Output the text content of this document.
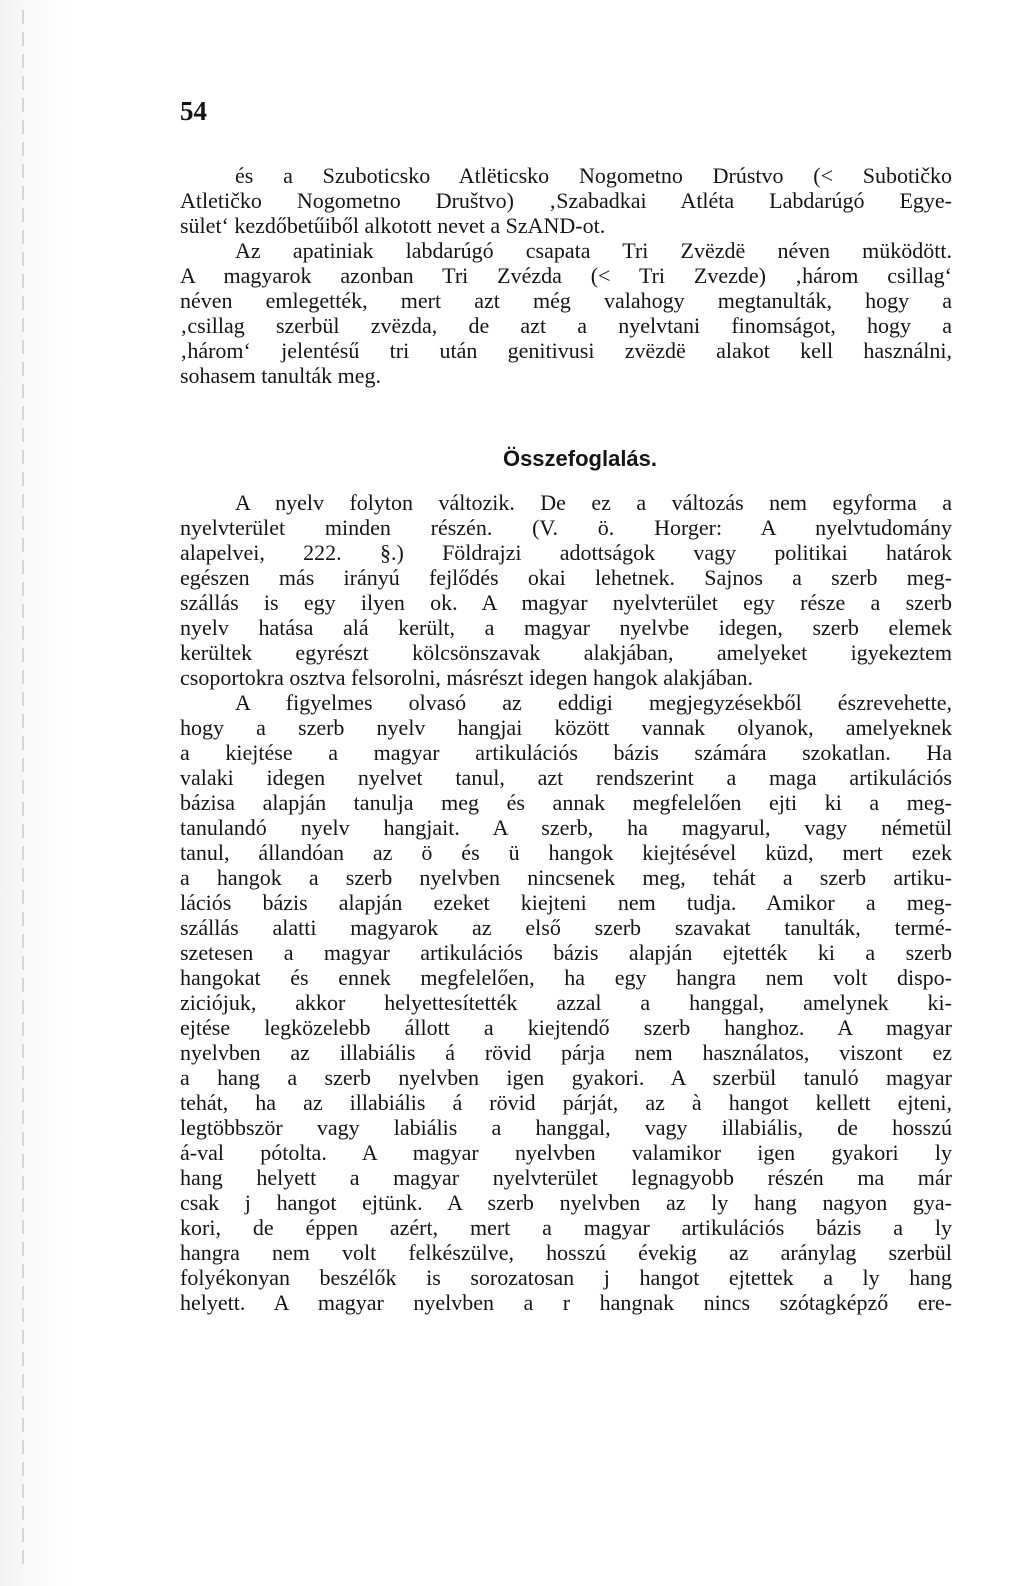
54
és a Szuboticsko Atlëticsko Nogometno Drústvo (< Subotičko
Atletičko Nogometno Društvo) ‚Szabadkai Atléta Labdarúgó Egye-
sület‘ kezdőbetűiből alkotott nevet a SzAND-ot.
Az apatiniak labdarúgó csapata Tri Zvëzdë néven müködött.
A magyarok azonban Tri Zvézda (< Tri Zvezde) ‚három csillag‘
néven emlegették, mert azt még valahogy megtanulták, hogy a
‚csillag szerbül zvëzda, de azt a nyelvtani finomságot, hogy a
‚három‘ jelentésű tri után genitivusi zvëzdë alakot kell használni,
sohasem tanulták meg.
Összefoglalás.
A nyelv folyton változik. De ez a változás nem egyforma a
nyelvterület minden részén. (V. ö. Horger: A nyelvtudomány
alapelvei, 222. §.) Földrajzi adottságok vagy politikai határok
egészen más irányú fejlődés okai lehetnek. Sajnos a szerb meg-
szállás is egy ilyen ok. A magyar nyelvterület egy része a szerb
nyelv hatása alá került, a magyar nyelvbe idegen, szerb elemek
kerültek egyrészt kölcsönszavak alakjában, amelyeket igyekeztem
csoportokra osztva felsorolni, másrészt idegen hangok alakjában.
A figyelmes olvasó az eddigi megjegyzésekből észrevehette,
hogy a szerb nyelv hangjai között vannak olyanok, amelyeknek
a kiejtése a magyar artikulációs bázis számára szokatlan. Ha
valaki idegen nyelvet tanul, azt rendszerint a maga artikulációs
bázisa alapján tanulja meg és annak megfelelően ejti ki a meg-
tanulandó nyelv hangjait. A szerb, ha magyarul, vagy németül
tanul, állandóan az ö és ü hangok kiejtésével küzd, mert ezek
a hangok a szerb nyelvben nincsenek meg, tehát a szerb artiku-
lációs bázis alapján ezeket kiejteni nem tudja. Amikor a meg-
szállás alatti magyarok az első szerb szavakat tanulták, termé-
szetesen a magyar artikulációs bázis alapján ejtették ki a szerb
hangokat és ennek megfelelően, ha egy hangra nem volt dispo-
ziciójuk, akkor helyettesítették azzal a hanggal, amelynek ki-
ejtése legközelebb állott a kiejtendő szerb hanghoz. A magyar
nyelvben az illabiális á rövid párja nem használatos, viszont ez
a hang a szerb nyelvben igen gyakori. A szerbül tanuló magyar
tehát, ha az illabiális á rövid párját, az à hangot kellett ejteni,
legtöbbször vagy labiális a hanggal, vagy illabiális, de hosszú
á-val pótolta. A magyar nyelvben valamikor igen gyakori ly
hang helyett a magyar nyelvterület legnagyobb részén ma már
csak j hangot ejtünk. A szerb nyelvben az ly hang nagyon gya-
kori, de éppen azért, mert a magyar artikulációs bázis a ly
hangra nem volt felkészülve, hosszú évekig az aránylag szerbül
folyékonyan beszélők is sorozatosan j hangot ejtettek a ly hang
helyett. A magyar nyelvben a r hangnak nincs szótagképző ere-
